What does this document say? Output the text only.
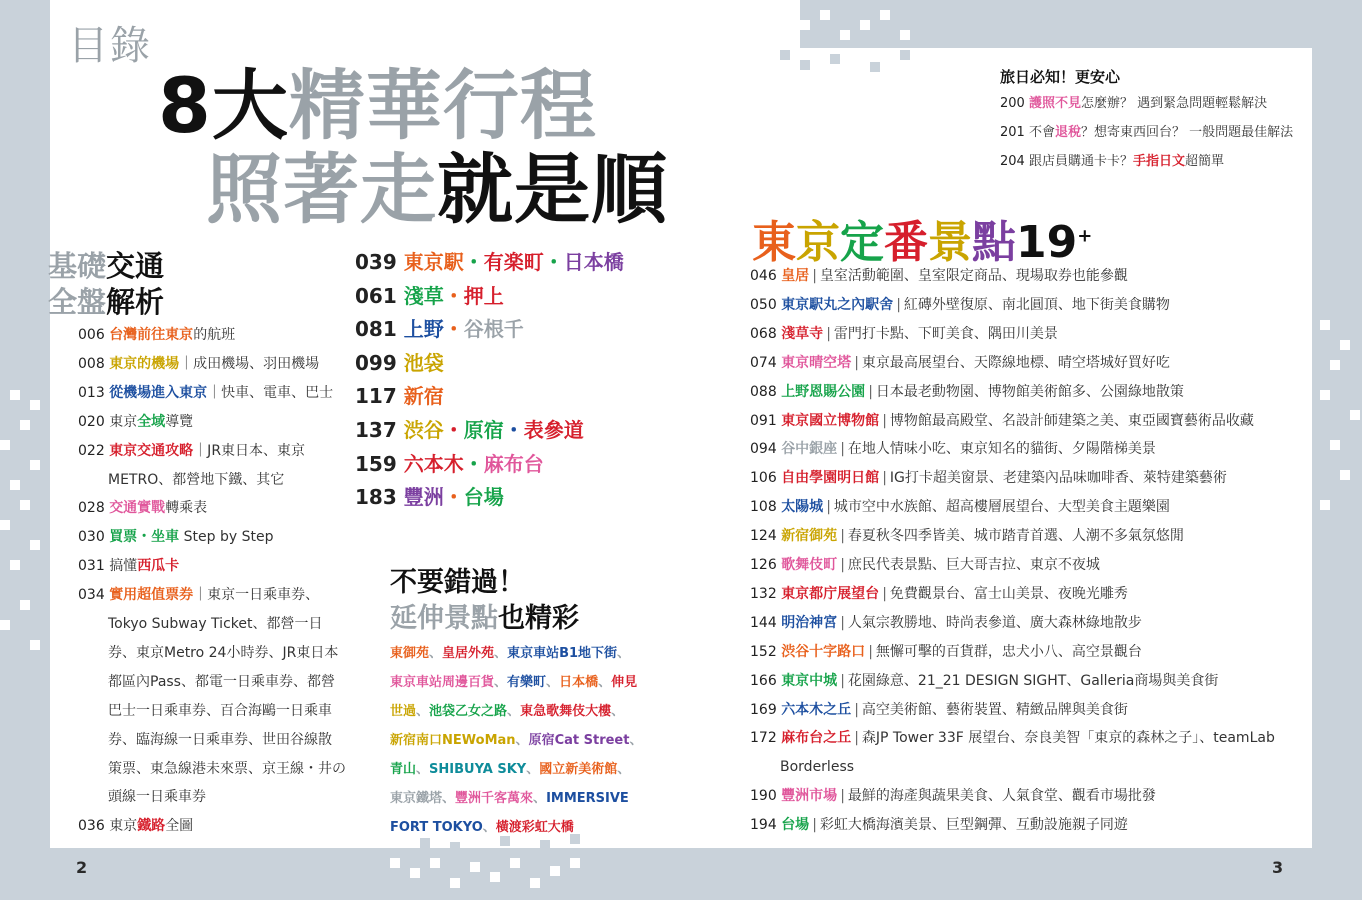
目錄
8大精華行程
照著走就是順
基礎交通
全盤解析
006 台灣前往東京的航班
008 東京的機場｜成田機場、羽田機場
013 從機場進入東京｜快車、電車、巴士
020 東京全域導覽
022 東京交通攻略｜JR東日本、東京
METRO、都營地下鐵、其它
028 交通實戰轉乘表
030 買票・坐車 Step by Step
031 搞懂西瓜卡
034 實用超值票券｜東京一日乘車券、
Tokyo Subway Ticket、都營一日
券、東京Metro 24小時券、JR東日本
都區內Pass、都電一日乘車券、都營
巴士一日乘車券、百合海鷗一日乘車
券、臨海線一日乘車券、世田谷線散
策票、東急線港未來票、京王線・井の
頭線一日乘車券
036 東京鐵路全圖
039 東京駅・有楽町・日本橋
061 淺草・押上
081 上野・谷根千
099 池袋
117 新宿
137 渋谷・原宿・表參道
159 六本木・麻布台
183 豐洲・台場
不要錯過！
延伸景點也精彩
東御苑、皇居外苑、東京車站B1地下街、
東京車站周邊百貨、有樂町、日本橋、伸見
世過、池袋乙女之路、東急歌舞伎大樓、
新宿南口NEWoMan、原宿Cat Street、
青山、SHIBUYA SKY、國立新美術館、
東京鐵塔、豐洲千客萬來、IMMERSIVE
FORT TOKYO、橫渡彩虹大橋
2
旅日必知！更安心
200 護照不見怎麼辦？ 遇到緊急問題輕鬆解決
201 不會退稅？想寄東西回台？ 一般問題最佳解法
204 跟店員購通卡卡？手指日文超簡單
東京定番景點19+
046 皇居 | 皇室活動範圍、皇室限定商品、現場取券也能參觀
050 東京駅丸之內駅舍 | 紅磚外壁復原、南北圓頂、地下街美食購物
068 淺草寺 | 雷門打卡點、下町美食、隅田川美景
074 東京晴空塔 | 東京最高展望台、天際線地標、晴空塔城好買好吃
088 上野恩賜公園 | 日本最老動物園、博物館美術館多、公園綠地散策
091 東京國立博物館 | 博物館最高殿堂、名設計師建築之美、東亞國寶藝術品收藏
094 谷中銀座 | 在地人情味小吃、東京知名的貓街、夕陽階梯美景
106 自由學園明日館 | IG打卡超美窗景、老建築內品味咖啡香、萊特建築藝術
108 太陽城 | 城市空中水族館、超高樓層展望台、大型美食主題樂園
124 新宿御苑 | 春夏秋冬四季皆美、城市踏青首選、人潮不多氣氛悠閒
126 歌舞伎町 | 庶民代表景點、巨大哥吉拉、東京不夜城
132 東京都庁展望台 | 免費觀景台、富士山美景、夜晚光雕秀
144 明治神宮 | 人氣宗教勝地、時尚表參道、廣大森林綠地散步
152 渋谷十字路口 | 無懈可擊的百貨群，忠犬小八、高空景觀台
166 東京中城 | 花園綠意、21_21 DESIGN SIGHT、Galleria商場與美食街
169 六本木之丘 | 高空美術館、藝術裝置、精緻品牌與美食街
172 麻布台之丘 | 森JP Tower 33F 展望台、奈良美智「東京的森林之子」、teamLab
Borderless
190 豐洲市場 | 最鮮的海產與蔬果美食、人氣食堂、觀看市場批發
194 台場 | 彩虹大橋海濱美景、巨型鋼彈、互動設施親子同遊
3
